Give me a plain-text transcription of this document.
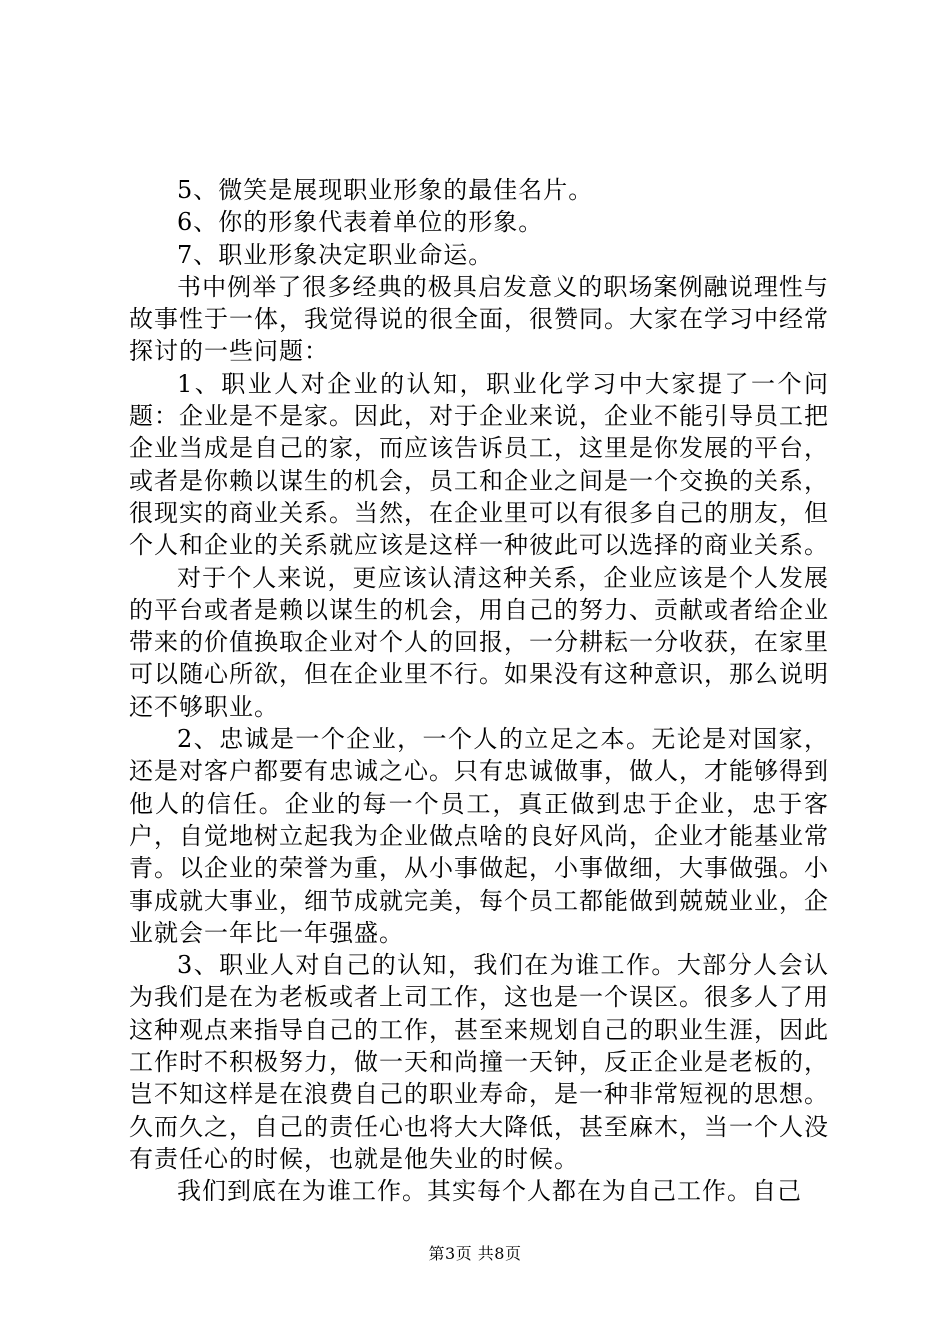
5、微笑是展现职业形象的最佳名片。

6、你的形象代表着单位的形象。

7、职业形象决定职业命运。

书中例举了很多经典的极具启发意义的职场案例融说理性与故事性于一体，我觉得说的很全面，很赞同。大家在学习中经常探讨的一些问题：

1、职业人对企业的认知，职业化学习中大家提了一个问题：企业是不是家。因此，对于企业来说，企业不能引导员工把企业当成是自己的家，而应该告诉员工，这里是你发展的平台，或者是你赖以谋生的机会，员工和企业之间是一个交换的关系，很现实的商业关系。当然，在企业里可以有很多自己的朋友，但个人和企业的关系就应该是这样一种彼此可以选择的商业关系。

对于个人来说，更应该认清这种关系，企业应该是个人发展的平台或者是赖以谋生的机会，用自己的努力、贡献或者给企业带来的价值换取企业对个人的回报，一分耕耘一分收获，在家里可以随心所欲，但在企业里不行。如果没有这种意识，那么说明还不够职业。

2、忠诚是一个企业，一个人的立足之本。无论是对国家，还是对客户都要有忠诚之心。只有忠诚做事，做人，才能够得到他人的信任。企业的每一个员工，真正做到忠于企业，忠于客户，自觉地树立起我为企业做点啥的良好风尚，企业才能基业常青。以企业的荣誉为重，从小事做起，小事做细，大事做强。小事成就大事业，细节成就完美，每个员工都能做到兢兢业业，企业就会一年比一年强盛。

3、职业人对自己的认知，我们在为谁工作。大部分人会认为我们是在为老板或者上司工作，这也是一个误区。很多人了用这种观点来指导自己的工作，甚至来规划自己的职业生涯，因此工作时不积极努力，做一天和尚撞一天钟，反正企业是老板的，岂不知这样是在浪费自己的职业寿命，是一种非常短视的思想。久而久之，自己的责任心也将大大降低，甚至麻木，当一个人没有责任心的时候，也就是他失业的时候。

我们到底在为谁工作。其实每个人都在为自己工作。自己

第3页 共8页
